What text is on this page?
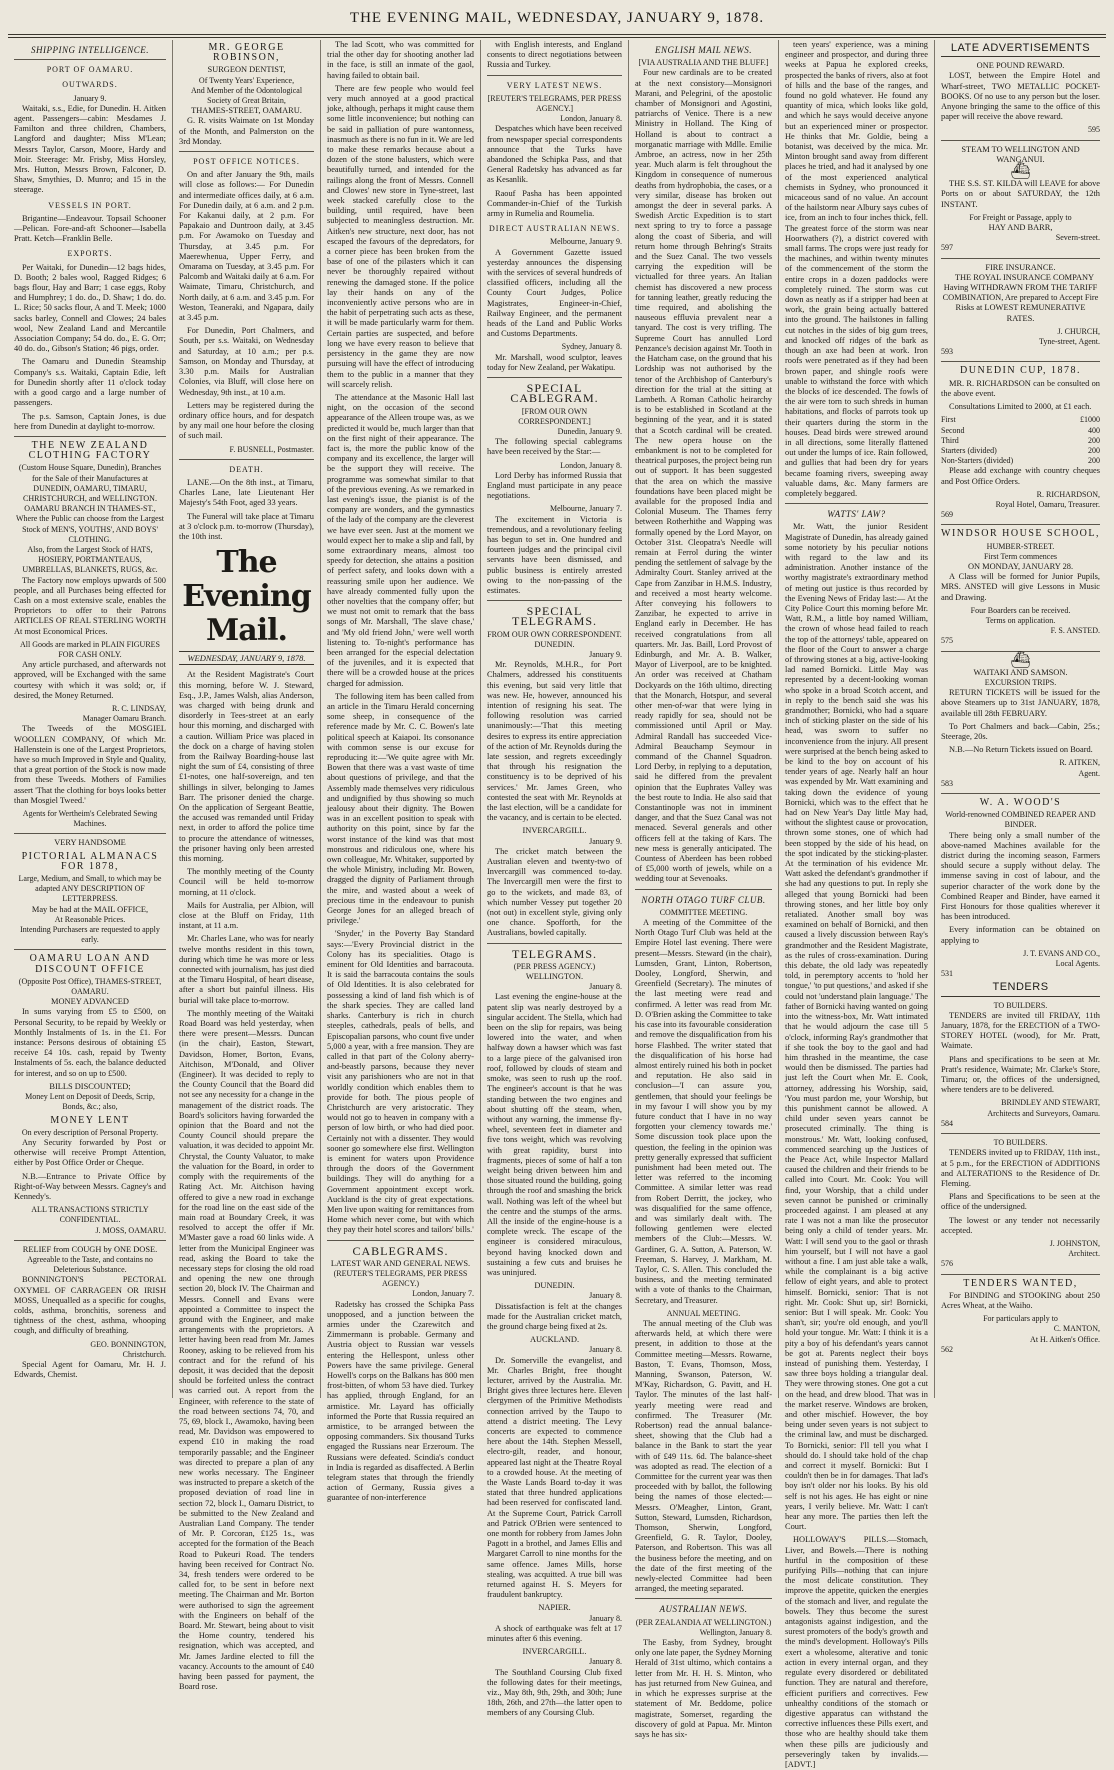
THE EVENING MAIL, WEDNESDAY, JANUARY 9, 1878.
SHIPPING INTELLIGENCE.
PORT OF OAMARU.
OUTWARDS.
January 9.

Waitaki, s.s., Edie, for Dunedin. H. Aitken agent. Passengers—cabin: Mesdames J. Familton and three children, Chambers, Langford and daughter; Miss M'Lean; Messrs Taylor, Carson, Moore, Hardy and Moir. Steerage: Mr. Frisby, Miss Horsley, Mrs. Hutton, Messrs Brown, Falconer, D. Shaw, Smythies, D. Munro; and 15 in the steerage.

VESSELS IN PORT.

Brigantine—Endeavour. Topsail Schooner—Pelican. Fore-and-aft Schooner—Isabella Pratt. Ketch—Franklin Belle.

EXPORTS.

Per Waitaki, for Dunedin—12 bags hides, D. Booth; 2 bales wool, Ragged Ridges; 6 bags flour, Hay and Barr; 1 case eggs, Roby and Humphrey; 1 do. do., D. Shaw; 1 do. do. L. Rice; 50 sacks flour, A and T. Meek; 1000 sacks barley, Connell and Clowes; 24 bales wool, New Zealand Land and Mercantile Association Company; 54 do. do., E. G. Orr; 40 do. do., Gibson's Station; 46 pigs, order.

The Oamaru and Dunedin Steamship Company's s.s. Waitaki, Captain Edie, left for Dunedin shortly after 11 o'clock today with a good cargo and a large number of passengers.

The p.s. Samson, Captain Jones, is due here from Dunedin at daylight to-morrow.

THE NEW ZEALAND CLOTHING FACTORY
(Custom House Square, Dunedin), Branches for the Sale of their Manufactures at DUNEDIN, OAMARU, TIMARU, CHRISTCHURCH, and WELLINGTON.
OAMARU BRANCH IN THAMES-ST., Where the Public can choose from the Largest Stock of MEN'S, YOUTHS', AND BOYS' CLOTHING.
Also, from the Largest Stock of HATS, HOSIERY, PORTMANTEAUS, UMBRELLAS, BLANKETS, RUGS, &c.

The Factory now employs upwards of 500 people, and all Purchases being effected for Cash on a most extensive scale, enables the Proprietors to offer to their Patrons ARTICLES OF REAL STERLING WORTH At most Economical Prices.

All Goods are marked in PLAIN FIGURES FOR CASH ONLY.

Any article purchased, and afterwards not approved, will be Exchanged with the same courtesy with which it was sold; or, if desired, the Money Returned.

R. C. LINDSAY,
Manager Oamaru Branch.

The Tweeds of the MOSGIEL WOOLLEN COMPANY, Of which Mr. Hallenstein is one of the Largest Proprietors, have so much Improved in Style and Quality, that a great portion of the Stock is now made from these Tweeds. Mothers of Families assert 'That the clothing for boys looks better than Mosgiel Tweed.'

Agents for Wertheim's Celebrated Sewing Machines.
VERY HANDSOME
PICTORIAL ALMANACS FOR 1878,
Large, Medium, and Small, to which may be adapted ANY DESCRIPTION OF LETTERPRESS.
May be had at the MAIL OFFICE,
At Reasonable Prices.
Intending Purchasers are requested to apply early.
OAMARU LOAN AND DISCOUNT OFFICE
(Opposite Post Office), THAMES-STREET, OAMARU.
MONEY ADVANCED

In sums varying from £5 to £500, on Personal Security, to be repaid by Weekly or Monthly Instalments of 1s. in the £1. For instance: Persons desirous of obtaining £5 receive £4 10s. cash, repaid by Twenty Instalments of 5s. each, the balance deducted for interest, and so on up to £500.

BILLS DISCOUNTED;
Money Lent on Deposit of Deeds, Scrip, Bonds, &c.; also,
MONEY LENT
On every description of Personal Property.

Any Security forwarded by Post or otherwise will receive Prompt Attention, either by Post Office Order or Cheque.

N.B.—Entrance to Private Office by Right-of-Way between Messrs. Cagney's and Kennedy's.

ALL TRANSACTIONS STRICTLY CONFIDENTIAL.
J. MOSS, OAMARU.
RELIEF from COUGH by ONE DOSE.
Agreeable to the Taste, and contains no Deleterious Substance.

BONNINGTON'S PECTORAL OXYMEL OF CARRAGEEN OR IRISH MOSS, Unequalled as a specific for coughs, colds, asthma, bronchitis, soreness and tightness of the chest, asthma, whooping cough, and difficulty of breathing.

GEO. BONNINGTON,
Christchurch.

Special Agent for Oamaru, Mr. H. J. Edwards, Chemist.

MR. GEORGE ROBINSON,
SURGEON DENTIST,
Of Twenty Years' Experience,
And Member of the Odontological Society of Great Britain,
THAMES-STREET, OAMARU.

G. R. visits Waimate on 1st Monday of the Month, and Palmerston on the 3rd Monday.

POST OFFICE NOTICES.

On and after January the 9th, mails will close as follows:— For Dunedin and intermediate offices daily, at 6 a.m. For Dunedin daily, at 6 a.m. and 2 p.m. For Kakanui daily, at 2 p.m. For Papakaio and Duntroon daily, at 3.45 p.m. For Awamoko on Tuesday and Thursday, at 3.45 p.m. For Maerewhenua, Upper Ferry, and Omarama on Tuesday, at 3.45 p.m. For Palcomb and Waitaki daily at 6 a.m. For Waimate, Timaru, Christchurch, and North daily, at 6 a.m. and 3.45 p.m. For Weston, Teaneraki, and Ngapara, daily at 3.45 p.m.

For Dunedin, Port Chalmers, and South, per s.s. Waitaki, on Wednesday and Saturday, at 10 a.m.; per p.s. Samson, on Monday and Thursday, at 3.30 p.m. Mails for Australian Colonies, via Bluff, will close here on Wednesday, 9th inst., at 10 a.m.

Letters may be registered during the ordinary office hours, and for despatch by any mail one hour before the closing of such mail.

F. BUSNELL, Postmaster.
DEATH.

LANE.—On the 8th inst., at Timaru, Charles Lane, late Lieutenant Her Majesty's 54th Foot, aged 33 years.

The Funeral will take place at Timaru at 3 o'clock p.m. to-morrow (Thursday), the 10th inst.

The Evening Mail.
WEDNESDAY, JANUARY 9, 1878.

At the Resident Magistrate's Court this morning, before W. J. Steward, Esq., J.P., James Walsh, alias Anderson, was charged with being drunk and disorderly in Tees-street at an early hour this morning, and discharged with a caution. William Price was placed in the dock on a charge of having stolen from the Railway Boarding-house last night the sum of £4, consisting of three £1-notes, one half-sovereign, and ten shillings in silver, belonging to James Barr. The prisoner denied the charge. On the application of Sergeant Beattie, the accused was remanded until Friday next, in order to afford the police time to procure the attendance of witnesses, the prisoner having only been arrested this morning.

The monthly meeting of the County Council will be held to-morrow morning, at 11 o'clock.

Mails for Australia, per Albion, will close at the Bluff on Friday, 11th instant, at 11 a.m.

Mr. Charles Lane, who was for nearly twelve months resident in this town, during which time he was more or less connected with journalism, has just died at the Timaru Hospital, of heart disease, after a short but painful illness. His burial will take place to-morrow.

The monthly meeting of the Waitaki Road Board was held yesterday, when there were present—Messrs. Duncan (in the chair), Easton, Stewart, Davidson, Homer, Borton, Evans, Aitchison, M'Donald, and Oliver (Engineer). It was decided to reply to the County Council that the Board did not see any necessity for a change in the management of the district roads. The Board's solicitors having forwarded the opinion that the Board and not the County Council should prepare the valuation, it was decided to appoint Mr. Chrystal, the County Valuator, to make the valuation for the Board, in order to comply with the requirements of the Rating Act. Mr. Aitchison having offered to give a new road in exchange for the road line on the east side of the main road at Boundary Creek, it was resolved to accept the offer if Mr. M'Master gave a road 60 links wide. A letter from the Municipal Engineer was read, asking the Board to take the necessary steps for closing the old road and opening the new one through section 20, block IV. The Chairman and Messrs. Connell and Evans were appointed a Committee to inspect the ground with the Engineer, and make arrangements with the proprietors. A letter having been read from Mr. James Rooney, asking to be relieved from his contract and for the refund of his deposit, it was decided that the deposit should be forfeited unless the contract was carried out. A report from the Engineer, with reference to the state of the road between sections 74, 70, and 75, 69, block I., Awamoko, having been read, Mr. Davidson was empowered to expend £10 in making the road temporarily passable; and the Engineer was directed to prepare a plan of any new works necessary. The Engineer was instructed to prepare a sketch of the proposed deviation of road line in section 72, block I., Oamaru District, to be submitted to the New Zealand and Australian Land Company. The tender of Mr. P. Corcoran, £125 1s., was accepted for the formation of the Beach Road to Pukeuri Road. The tenders having been received for Contract No. 34, fresh tenders were ordered to be called for, to be sent in before next meeting. The Chairman and Mr. Borton were authorised to sign the agreement with the Engineers on behalf of the Board. Mr. Stewart, being about to visit the Home country, tendered his resignation, which was accepted, and Mr. James Jardine elected to fill the vacancy. Accounts to the amount of £40 having been passed for payment, the Board rose.

The lad Scott, who was committed for trial the other day for shooting another lad in the face, is still an inmate of the gaol, having failed to obtain bail.

There are few people who would feel very much annoyed at a good practical joke, although, perhaps it might cause them some little inconvenience; but nothing can be said in palliation of pure wantonness, inasmuch as there is no fun in it. We are led to make these remarks because about a dozen of the stone balusters, which were beautifully turned, and intended for the railings along the front of Messrs. Connell and Clowes' new store in Tyne-street, last week stacked carefully close to the building, until required, have been subjected to meaningless destruction. Mr. Aitken's new structure, next door, has not escaped the favours of the depredators, for a corner piece has been broken from the base of one of the pilasters which it can never be thoroughly repaired without renewing the damaged stone. If the police lay their hands on any of the inconveniently active persons who are in the habit of perpetrating such acts as these, it will be made particularly warm for them. Certain parties are suspected, and before long we have every reason to believe that persistency in the game they are now pursuing will have the effect of introducing them to the public in a manner that they will scarcely relish.

The attendance at the Masonic Hall last night, on the occasion of the second appearance of the Alleen troupe was, as we predicted it would be, much larger than that on the first night of their appearance. The fact is, the more the public know of the company and its excellence, the larger will be the support they will receive. The programme was somewhat similar to that of the previous evening. As we remarked in last evening's issue, the pianist is of the company are wonders, and the gymnastics of the lady of the company are the cleverest we have ever seen. Just at the moment we would expect her to make a slip and fall, by some extraordinary means, almost too speedy for detection, she attains a position of perfect safety, and looks down with a reassuring smile upon her audience. We have already commented fully upon the other novelties that the company offer; but we must not omit to remark that the bass songs of Mr. Marshall, 'The slave chase,' and 'My old friend John,' were well worth listening to. To-night's performance has been arranged for the especial delectation of the juveniles, and it is expected that there will be a crowded house at the prices charged for admission.

The following item has been called from an article in the Timaru Herald concerning some sheep, in consequence of the reference made by Mr. C. C. Bowen's late political speech at Kaiapoi. Its consonance with common sense is our excuse for reproducing it:—'We quite agree with Mr. Bowen that there was a vast waste of time about questions of privilege, and that the Assembly made themselves very ridiculous and undignified by thus showing so much jealousy about their dignity. The Bowen was in an excellent position to speak with authority on this point, since by far the worst instance of the kind was that most monstrous and ridiculous one, where his own colleague, Mr. Whitaker, supported by the whole Ministry, including Mr. Bowen, dragged the dignity of Parliament through the mire, and wasted about a week of precious time in the endeavour to punish George Jones for an alleged breach of privilege.'

'Snyder,' in the Poverty Bay Standard says:—'Every Provincial district in the Colony has its specialities. Otago is eminent for Old Identities and barracouta. It is said the barracouta contains the souls of Old Identities. It is also celebrated for possessing a kind of land fish which is of the shark species. They are called land sharks. Canterbury is rich in church steeples, cathedrals, peals of bells, and Episcopalian parsons, who count five under 5,000 a year, with a free mansion. They are called in that part of the Colony aberry-and-beastly parsons, because they never visit any parishioners who are not in that worldly condition which enables them to provide for both. The pious people of Christchurch are very aristocratic. They would not go to heaven in company with a person of low birth, or who had died poor. Certainly not with a dissenter. They would sooner go somewhere else first. Wellington is eminent for waters upon Providence through the doors of the Government buildings. They will do anything for a Government appointment except work. Auckland is the city of great expectations. Men live upon waiting for remittances from Home which never come, but with which they pay their hotel scores and tailors' bills.'

CABLEGRAMS.
LATEST WAR AND GENERAL NEWS.
(REUTER'S TELEGRAMS, PER PRESS AGENCY.)
London, January 7.

Radetsky has crossed the Schipka Pass unopposed, and a junction between the armies under the Czarewitch and Zimmermann is probable. Germany and Austria object to Russian war vessels entering the Hellespont, unless other Powers have the same privilege. General Howell's corps on the Balkans has 800 men frost-bitten, of whom 53 have died. Turkey has applied, through England, for an armistice. Mr. Layard has officially informed the Porte that Russia required an armistice, to be arranged between the opposing commanders. Six thousand Turks engaged the Russians near Erzeroum. The Russians were defeated. Scindia's conduct in India is regarded as disaffected. A Berlin telegram states that through the friendly action of Germany, Russia gives a guarantee of non-interference

with English interests, and England consents to direct negotiations between Russia and Turkey.

VERY LATEST NEWS.
[REUTER'S TELEGRAMS, PER PRESS AGENCY.]
London, January 8.

Despatches which have been received from newspaper special correspondents announce that the Turks have abandoned the Schipka Pass, and that General Radetsky has advanced as far as Kesanlik.

Raouf Pasha has been appointed Commander-in-Chief of the Turkish army in Rumelia and Roumelia.

DIRECT AUSTRALIAN NEWS.
Melbourne, January 9.

A Government Gazette issued yesterday announces the dispensing with the services of several hundreds of classified officers, including all the County Court Judges, Police Magistrates, Engineer-in-Chief, Railway Engineer, and the permanent heads of the Land and Public Works and Customs Departments.

Sydney, January 8.

Mr. Marshall, wood sculptor, leaves today for New Zealand, per Wakatipu.

SPECIAL CABLEGRAM.
[FROM OUR OWN CORRESPONDENT.]
Dunedin, January 9.

The following special cablegrams have been received by the Star:—

London, January 8.

Lord Derby has informed Russia that England must participate in any peace negotiations.

Melbourne, January 7.

The excitement in Victoria is tremendous, and a revolutionary feeling has begun to set in. One hundred and fourteen judges and the principal civil servants have been dismissed, and public business is entirely arrested owing to the non-passing of the estimates.

SPECIAL TELEGRAMS.
FROM OUR OWN CORRESPONDENT.
DUNEDIN.
January 9.

Mr. Reynolds, M.H.R., for Port Chalmers, addressed his constituents this evening, but said very little that was new. He, however, announced his intention of resigning his seat. The following resolution was carried unanimously:—'That this meeting desires to express its entire appreciation of the action of Mr. Reynolds during the late session, and regrets exceedingly that through his resignation the constituency is to be deprived of his services.' Mr. James Green, who contested the seat with Mr. Reynolds at the last election, will be a candidate for the vacancy, and is certain to be elected.

INVERCARGILL.
January 9.

The cricket match between the Australian eleven and twenty-two of Invercargill was commenced to-day. The Invercargill men were the first to go to the wickets, and made 83, of which number Vessey put together 20 (not out) in excellent style, giving only one chance. Spofforth, for the Australians, bowled capitally.

TELEGRAMS.
(PER PRESS AGENCY.)
WELLINGTON.
January 8.

Last evening the engine-house at the patent slip was nearly destroyed by a singular accident. The Stella, which had been on the slip for repairs, was being lowered into the water, and when halfway down a hawser which was fast to a large piece of the galvanised iron roof, followed by clouds of steam and smoke, was seen to rush up the roof. The engineer's account is that he was standing between the two engines and about shutting off the steam, when, without any warning, the immense fly-wheel, seventeen feet in diameter and five tons weight, which was revolving with great rapidity, burst into fragments, pieces of some of half a ton weight being driven between him and those situated round the building, going through the roof and smashing the brick wall. Nothing was left of the wheel but the centre and the stumps of the arms. All the inside of the engine-house is a complete wreck. The escape of the engineer is considered miraculous, beyond having knocked down and sustaining a few cuts and bruises he was uninjured.

DUNEDIN.
January 8.

Dissatisfaction is felt at the changes made for the Australian cricket match, the ground charge being fixed at 2s.

AUCKLAND.
January 8.

Dr. Somerville the evangelist, and Mr. Charles Bright, free thought lecturer, arrived by the Australia. Mr. Bright gives three lectures here. Eleven clergymen of the Primitive Methodists connection arrived by the Taupo to attend a district meeting. The Levy concerts are expected to commence here about the 14th. Stephen Messell, electro-gilt, reader, and honour, appeared last night at the Theatre Royal to a crowded house. At the meeting of the Waste Lands Board to-day it was stated that three hundred applications had been reserved for confiscated land. At the Supreme Court, Patrick Carroll and Patrick O'Brien were sentenced to one month for robbery from James John Pagott in a brothel, and James Ellis and Margaret Carroll to nine months for the same offence. James Mills, horse stealing, was acquitted. A true bill was returned against H. S. Meyers for fraudulent bankruptcy.

NAPIER.
January 8.

A shock of earthquake was felt at 17 minutes after 6 this evening.

INVERCARGILL.
January 8.

The Southland Coursing Club fixed the following dates for their meetings, viz., May 8th, 9th, 29th, and 30th; June 18th, 26th, and 27th—the latter open to members of any Coursing Club.

ENGLISH MAIL NEWS.
[VIA AUSTRALIA AND THE BLUFF.]

Four new cardinals are to be created at the next consistory—Monsignori Marani, and Pelegrini, of the apostolic chamber of Monsignori and Agostini, patriarchs of Venice. There is a new Ministry in Holland. The King of Holland is about to contract a morganatic marriage with Mdlle. Emilie Ambroe, an actress, now in her 25th year. Much alarm is felt throughout the Kingdom in consequence of numerous deaths from hydrophobia, the cases, or a very similar, disease has broken out amongst the deer in several parks. A Swedish Arctic Expedition is to start next spring to try to force a passage along the coast of Siberia, and will return home through Behring's Straits and the Suez Canal. The two vessels carrying the expedition will be victualled for three years. An Italian chemist has discovered a new process for tanning leather, greatly reducing the time required, and abolishing the nauseous effluvia prevalent near a tanyard. The cost is very trifling. The Supreme Court has annulled Lord Penzance's decision against Mr. Tooth in the Hatcham case, on the ground that his Lordship was not authorised by the tenor of the Archbishop of Canterbury's direction for the trial at the sitting at Lambeth. A Roman Catholic heirarchy is to be established in Scotland at the beginning of the year, and it is stated that a Scotch cardinal will be created. The new opera house on the embankment is not to be completed for theatrical purposes, the project being run out of support. It has been suggested that the area on which the massive foundations have been placed might be available for the proposed India and Colonial Museum. The Thames ferry between Rotherhithe and Wapping was formally opened by the Lord Mayor, on October 31st. Cleopatra's Needle will remain at Ferrol during the winter pending the settlement of salvage by the Admiralty Court. Stanley arrived at the Cape from Zanzibar in H.M.S. Industry, and received a most hearty welcome. After conveying his followers to Zanzibar, he expected to arrive in England early in December. He has received congratulations from all quarters. Mr. Jas. Baill, Lord Provost of Edinburgh, and Mr. A. B. Walker, Mayor of Liverpool, are to be knighted. An order was received at Chatham Dockyards on the 16th ultimo, directing that the Monarch, Hotspur, and several other men-of-war that were lying in ready rapidly for sea, should not be commissioned until April or May. Admiral Randall has succeeded Vice-Admiral Beauchamp Seymour in command of the Channel Squadron. Lord Derby, in replying to a deputation, said he differed from the prevalent opinion that the Euphrates Valley was the best route to India. He also said that Constantinople was not in imminent danger, and that the Suez Canal was not menaced. Several generals and other officers fell at the taking of Kars. The new mess is generally anticipated. The Countess of Aberdeen has been robbed of £5,000 worth of jewels, while on a wedding tour at Sevenoaks.

NORTH OTAGO TURF CLUB.
COMMITTEE MEETING.

A meeting of the Committee of the North Otago Turf Club was held at the Empire Hotel last evening. There were present—Messrs. Steward (in the chair), Lumsden, Grant, Linton, Robertson, Dooley, Longford, Sherwin, and Greenfield (Secretary). The minutes of the last meeting were read and confirmed. A letter was read from Mr. D. O'Brien asking the Committee to take his case into its favourable consideration and remove the disqualification from his horse Flashbed. The writer stated that the disqualification of his horse had almost entirely ruined his both in pocket and reputation. He also said in conclusion—'I can assure you, gentlemen, that should your feelings be in my favour I will show you by my future conduct that I have in no way forgotten your clemency towards me.' Some discussion took place upon the question, the feeling in the opinion was pretty generally expressed that sufficient punishment had been meted out. The letter was referred to the incoming Committee. A similar letter was read from Robert Derritt, the jockey, who was disqualified for the same offence, and was similarly dealt with. The following gentlemen were elected members of the Club:—Messrs. W. Gardiner, G. A. Sutton, A. Paterson, W. Freeman, S. Harvey, J. Markham, M. Taylor, C. S. Allen. This concluded the business, and the meeting terminated with a vote of thanks to the Chairman, Secretary, and Treasurer.

ANNUAL MEETING.

The annual meeting of the Club was afterwards held, at which there were present, in addition to those at the Committee meeting—Messrs. Rowarne, Baston, T. Evans, Thomson, Moss, Manning, Swanson, Paterson, W. M'Kay, Richardson, G. Pavitt, and H. Taylor. The minutes of the last half-yearly meeting were read and confirmed. The Treasurer (Mr. Robertson) read the annual balance-sheet, showing that the Club had a balance in the Bank to start the year with of £49 11s. 6d. The balance-sheet was adopted as read. The election of a Committee for the current year was then proceeded with by ballot, the following being the names of those elected:—Messrs. O'Meagher, Linton, Grant, Sutton, Steward, Lumsden, Richardson, Thomson, Sherwin, Longford, Greenfield, G. R. Taylor, Dooley, Paterson, and Robertson. This was all the business before the meeting, and on the date of the first meeting of the newly-elected Committee had been arranged, the meeting separated.

AUSTRALIAN NEWS.
(PER ZEALANDIA AT WELLINGTON.)
Wellington, January 8.

The Easby, from Sydney, brought only one late paper, the Sydney Morning Herald of 31st ultimo, which contains a letter from Mr. H. H. S. Minton, who has just returned from New Guinea, and in which he expresses surprise at the statement of Mr. Beddome, police magistrate, Somerset, regarding the discovery of gold at Papua. Mr. Minton says he has six-

teen years' experience, was a mining engineer and prospector, and during three weeks at Papua he explored creeks, prospected the banks of rivers, also at foot of hills and the base of the ranges, and found no gold whatever. He found any quantity of mica, which looks like gold, and which he says would deceive anyone but an experienced miner or prospector. He thinks that Mr. Goldie, being a botanist, was deceived by the mica. Mr. Minton brought sand away from different places he tried, and had it analysed by one of the most experienced analytical chemists in Sydney, who pronounced it micaceous sand of no value. An account of the hailstorm near Albury says cubes of ice, from an inch to four inches thick, fell. The greatest force of the storm was near Hoorwathers (?), a district covered with small farms. The crops were just ready for the machines, and within twenty minutes of the commencement of the storm the entire crops in a dozen paddocks were completely ruined. The storm was cut down as neatly as if a stripper had been at work, the grain being actually battered into the ground. The hailstones in falling cut notches in the sides of big gum trees, and knocked off ridges of the bark as though an axe had been at work. Iron roofs were penetrated as if they had been brown paper, and shingle roofs were unable to withstand the force with which the blocks of ice descended. The fowls of the air were torn to such shreds in human habitations, and flocks of parrots took up their quarters during the storm in the houses. Dead birds were strewed around in all directions, some literally flattened out under the lumps of ice. Rain followed, and gullies that had been dry for years became foaming rivers, sweeping away valuable dams, &c. Many farmers are completely beggared.

WATTS' LAW?

Mr. Watt, the junior Resident Magistrate of Dunedin, has already gained some notoriety by his peculiar notions with regard to the law and its administration. Another instance of the worthy magistrate's extraordinary method of meting out justice is thus recorded by the Evening News of Friday last:— At the City Police Court this morning before Mr. Watt, R.M., a little boy named William, the crown of whose head failed to reach the top of the attorneys' table, appeared on the floor of the Court to answer a charge of throwing stones at a big, active-looking lad named Bornicki. Little May was represented by a decent-looking woman who spoke in a broad Scotch accent, and in reply to the bench said she was his grandmother; Bornicki, who had a square inch of sticking plaster on the side of his head, was sworn to suffer no inconvenience from the injury. All present were surprised at the bench being asked to be kind to the boy on account of his tender years of age. Nearly half an hour was expended by Mr. Watt examining and taking down the evidence of young Bornicki, which was to the effect that he had on New Year's Day little May had, without the slightest cause or provocation, thrown some stones, one of which had been stopped by the side of his head, on the spot indicated by the sticking-plaster. At the termination of his evidence Mr. Watt asked the defendant's grandmother if she had any questions to put. In reply she alleged that young Bornicki had been throwing stones, and her little boy only retaliated. Another small boy was examined on behalf of Bornicki, and then caused a lively discussion between Ray's grandmother and the Resident Magistrate, as the rules of cross-examination. During this debate, the old lady was repeatedly told, in peremptory accents to 'hold her tongue,' 'to put questions,' and asked if she could not 'understand plain language.' The father of Bornicki having wanted on going into the witness-box, Mr. Watt intimated that he would adjourn the case till 5 o'clock, informing Ray's grandmother that if she took the boy to the gaol and had him thrashed in the meantime, the case would then be dismissed. The parties had just left the Court when Mr. E. Cook, attorney, addressing his Worship, said, 'You must pardon me, your Worship, but this punishment cannot be allowed. A child under seven years cannot be prosecuted criminally. The thing is monstrous.' Mr. Watt, looking confused, commenced searching up the Justices of the Peace Act, while Inspector Mallard caused the children and their friends to be called into Court. Mr. Cook: You will find, your Worship, that a child under seven cannot be punished or criminally proceeded against. I am pleased at any rate I was not a man like the prosecutor being only a child of tender years. Mr. Watt: I will send you to the gaol or thrash him yourself, but I will not have a gaol without a fine. I am just able take a walk, while the complainant is a big active fellow of eight years, and able to protect himself. Bornicki, senior: That is not right. Mr. Cook: Shut up, sir! Bornicki, senior: But I will speak. Mr. Cook: You shan't, sir; you're old enough, and you'll hold your tongue. Mr. Watt: I think it is a pity a boy of his defendant's years cannot be got at. Parents neglect their boys instead of punishing them. Yesterday, I saw three boys holding a triangular deal. They were throwing stones. One got a cut on the head, and drew blood. That was in the market reserve. Windows are broken, and other mischief. However, the boy being under seven years is not subject to the criminal law, and must be discharged. To Bornicki, senior: I'll tell you what I should do. I should take hold of the chap and correct it myself. Bornicki: But I couldn't then be in for damages. That lad's boy isn't older nor his looks. By his old self is not his ages. He has eight or nine years, I verily believe. Mr. Watt: I can't hear any more. The parties then left the Court.

HOLLOWAY'S PILLS.—Stomach, Liver, and Bowels.—There is nothing hurtful in the composition of these purifying Pills—nothing that can injure the most delicate constitution. They improve the appetite, quicken the energies of the stomach and liver, and regulate the bowels. They thus become the surest antagonists against indigestion, and the surest promoters of the body's growth and the mind's development. Holloway's Pills exert a wholesome, alterative and tonic action in every internal organ, and they regulate every disordered or debilitated function. They are natural and therefore, efficient purifiers and correctives. Few unhealthy conditions of the stomach or digestive apparatus can withstand the corrective influences these Pills exert, and those who are healthy should take them when these pills are judiciously and perseveringly taken by invalids.—[ADVT.]

LATE ADVERTISEMENTS
ONE POUND REWARD.

LOST, between the Empire Hotel and Wharf-street, TWO METALLIC POCKET-BOOKS. Of no use to any person but the loser. Anyone bringing the same to the office of this paper will receive the above reward.

595
STEAM TO WELLINGTON AND WANGANUI.
⛴

THE S.S. ST. KILDA will LEAVE for above Ports on or about SATURDAY, the 12th INSTANT.

For Freight or Passage, apply to
HAY AND BARR,
Severn-street.
597
FIRE INSURANCE.

THE ROYAL INSURANCE COMPANY Having WITHDRAWN FROM THE TARIFF COMBINATION, Are prepared to Accept Fire Risks at LOWEST REMUNERATIVE RATES.

J. CHURCH,
Tyne-street, Agent.
593
DUNEDIN CUP, 1878.

MR. R. RICHARDSON can be consulted on the above event.

Consultations Limited to 2000, at £1 each.

First	£1000
Second	400
Third	200
Starters (divided)	200
Non-Starters (divided)	200

Please add exchange with country cheques and Post Office Orders.

R. RICHARDSON,
Royal Hotel, Oamaru, Treasurer.
569
WINDSOR HOUSE SCHOOL,
HUMBER-STREET.
First Term commences
ON MONDAY, JANUARY 28.

A Class will be formed for Junior Pupils, MRS. ANSTED will give Lessons in Music and Drawing.

Four Boarders can be received.
Terms on application.
F. S. ANSTED.
575
⛴
WAITAKI AND SAMSON.
EXCURSION TRIPS.

RETURN TICKETS will be issued for the above Steamers up to 31st JANUARY, 1878, available till 28th FEBRUARY.

To Port Chalmers and back—Cabin, 25s.; Steerage, 20s.

N.B.—No Return Tickets issued on Board.

R. AITKEN,
Agent.
583
W. A. WOOD'S
World-renowned COMBINED REAPER AND BINDER.

There being only a small number of the above-named Machines available for the district during the incoming season, Farmers should secure a supply without delay. The immense saving in cost of labour, and the superior character of the work done by the Combined Reaper and Binder, have earned it First Honours for those qualities wherever it has been introduced.

Every information can be obtained on applying to

J. T. EVANS AND CO.,
Local Agents.
531
TENDERS
TO BUILDERS.

TENDERS are invited till FRIDAY, 11th January, 1878, for the ERECTION of a TWO-STOREY HOTEL (wood), for Mr. Pratt, Waimate.

Plans and specifications to be seen at Mr. Pratt's residence, Waimate; Mr. Clarke's Store, Timaru; or, the offices of the undersigned, where tenders are to be delivered.

BRINDLEY AND STEWART,
Architects and Surveyors, Oamaru.
584
TO BUILDERS.

TENDERS invited up to FRIDAY, 11th inst., at 5 p.m., for the ERECTION of ADDITIONS and ALTERATIONS to the Residence of Dr. Fleming.

Plans and Specifications to be seen at the office of the undersigned.

The lowest or any tender not necessarily accepted.

J. JOHNSTON,
Architect.
576
TENDERS WANTED,

For BINDING and STOOKING about 250 Acres Wheat, at the Waiho.

For particulars apply to
C. MANTON,
At H. Aitken's Office.
562
